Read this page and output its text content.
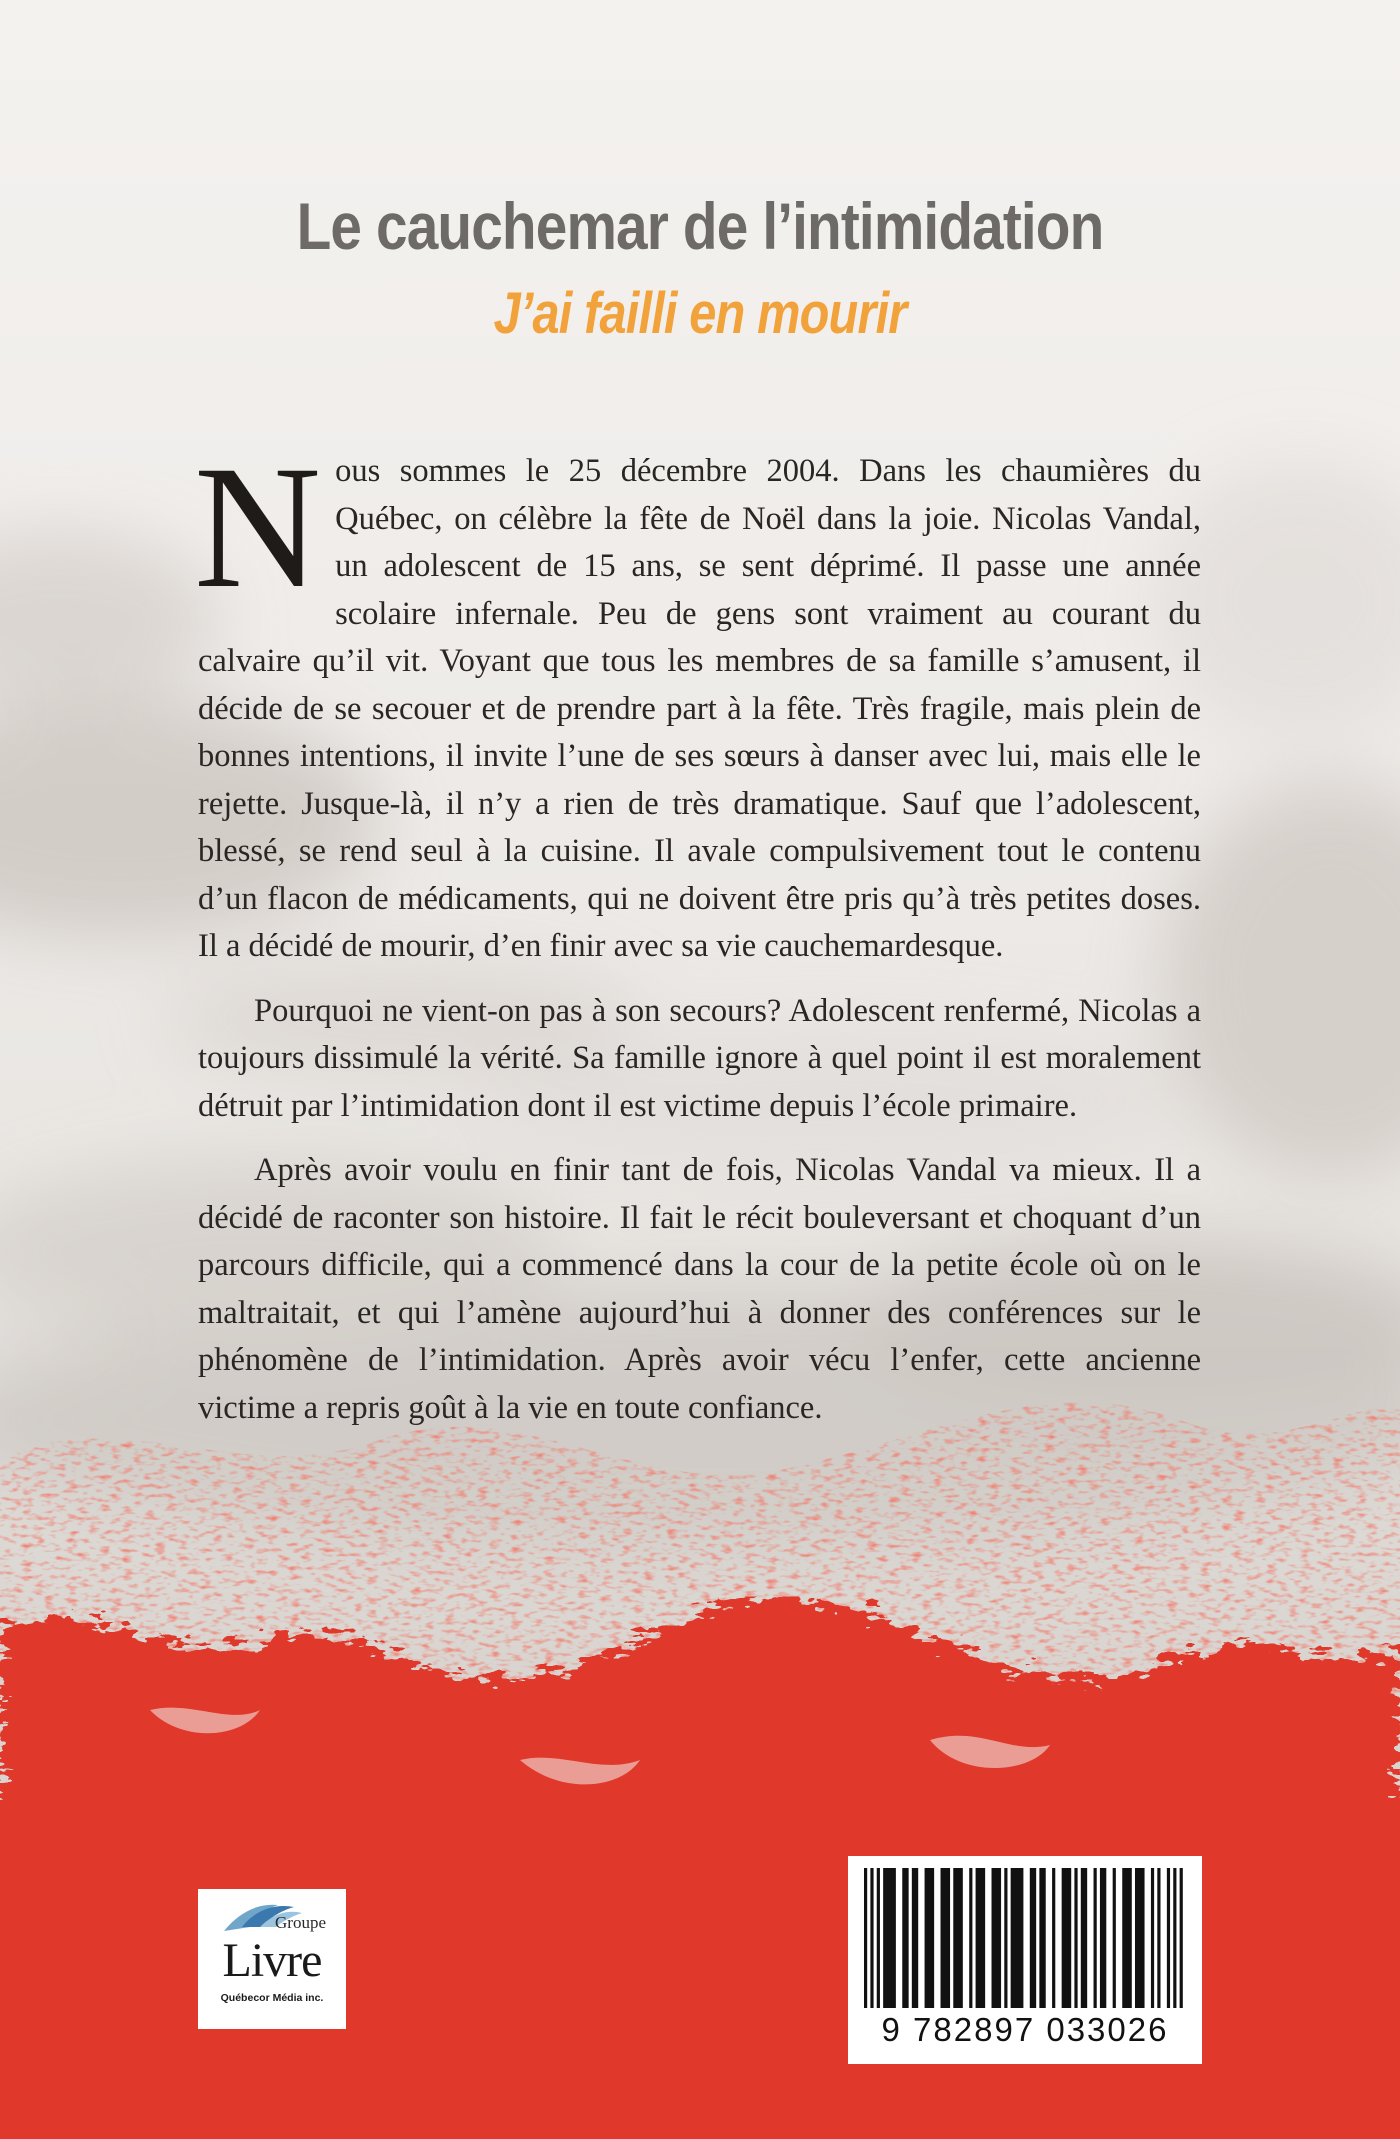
Le cauchemar de l’intimidation
J’ai failli en mourir

Nous sommes le 25 décembre 2004. Dans les chaumières du Québec, on célèbre la fête de Noël dans la joie. Nicolas Vandal, un adolescent de 15 ans, se sent déprimé. Il passe une année scolaire infernale. Peu de gens sont vraiment au courant du calvaire qu’il vit. Voyant que tous les membres de sa famille s’amusent, il décide de se secouer et de prendre part à la fête. Très fragile, mais plein de bonnes intentions, il invite l’une de ses sœurs à danser avec lui, mais elle le rejette. Jusque-là, il n’y a rien de très dramatique. Sauf que l’adolescent, blessé, se rend seul à la cuisine. Il avale compulsivement tout le contenu d’un flacon de médicaments, qui ne doivent être pris qu’à très petites doses. Il a décidé de mourir, d’en finir avec sa vie cauchemardesque.

Pourquoi ne vient-on pas à son secours? Adolescent renfermé, Nicolas a toujours dissimulé la vérité. Sa famille ignore à quel point il est moralement détruit par l’intimidation dont il est victime depuis l’école primaire.

Après avoir voulu en finir tant de fois, Nicolas Vandal va mieux. Il a décidé de raconter son histoire. Il fait le récit bouleversant et choquant d’un parcours difficile, qui a commencé dans la cour de la petite école où on le maltraitait, et qui l’amène aujourd’hui à donner des conférences sur le phénomène de l’intimidation. Après avoir vécu l’enfer, cette ancienne victime a repris goût à la vie en toute confiance.

Groupe
Livre
Québecor Média inc.
9 782897 033026
